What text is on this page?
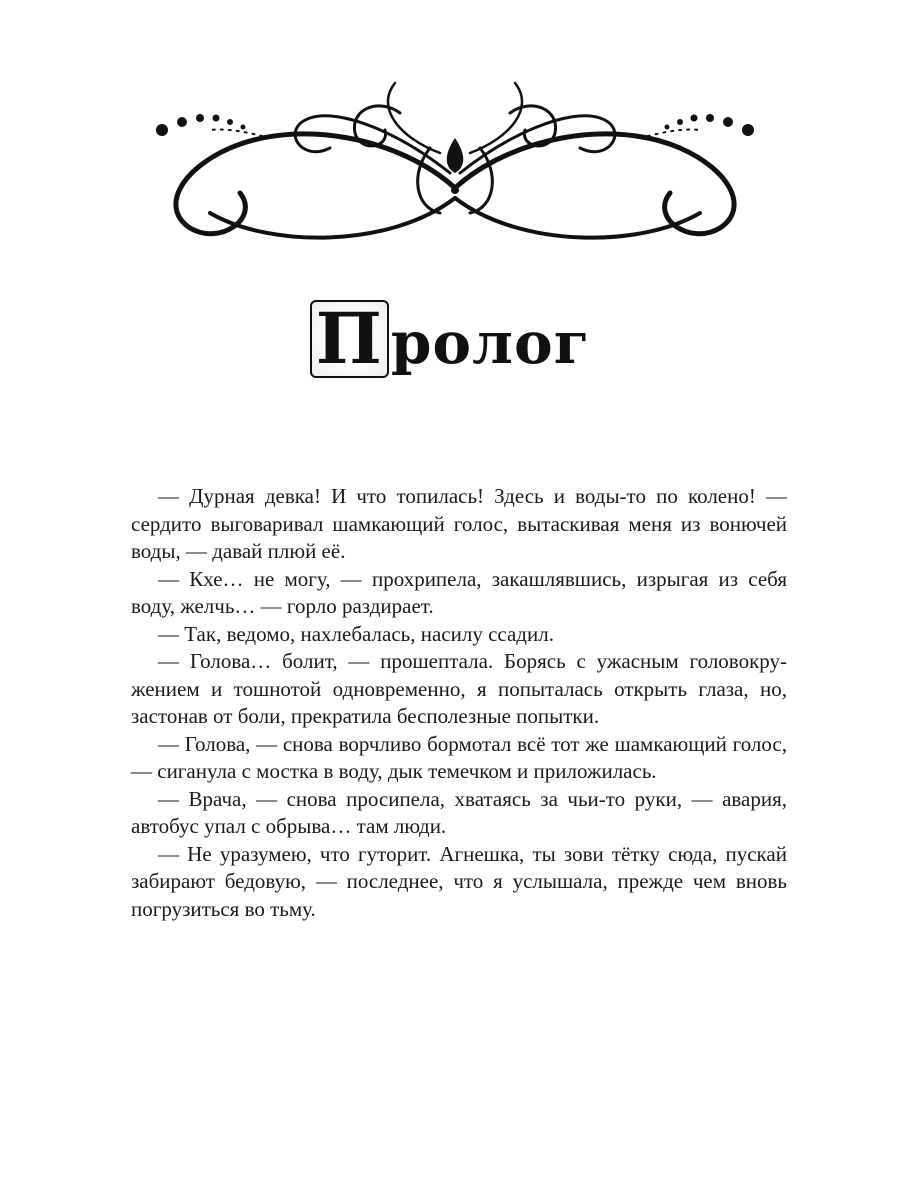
П ролог

— Дурная девка! И что топилась! Здесь и воды-то по колено! — сердито выговаривал шамкающий голос, вытаскивая меня из вонючей воды, — давай плюй её.

— Кхе… не могу, — прохрипела, закашлявшись, изрыгая из себя воду, желчь… — горло раздирает.

— Так, ведомо, нахлебалась, насилу ссадил.

— Голова… болит, — прошептала. Борясь с ужасным головокружением и тошнотой одновременно, я попыталась открыть глаза, но, застонав от боли, прекратила бесполезные попытки.

— Голова, — снова ворчливо бормотал всё тот же шамкающий голос, — сиганула с мостка в воду, дык темечком и приложилась.

— Врача, — снова просипела, хватаясь за чьи-то руки, — авария, автобус упал с обрыва… там люди.

— Не уразумею, что гуторит. Агнешка, ты зови тётку сюда, пускай забирают бедовую, — последнее, что я услышала, прежде чем вновь погрузиться во тьму.
